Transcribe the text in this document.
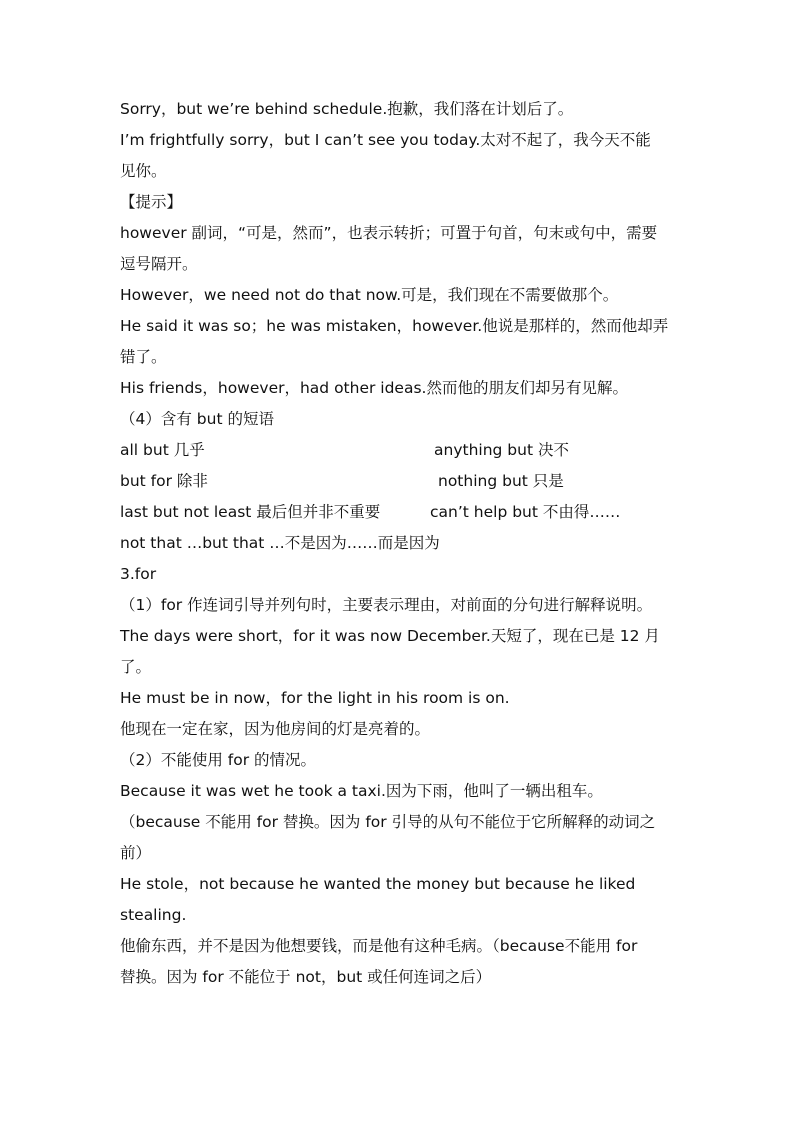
Sorry，but we’re behind schedule.抱歉，我们落在计划后了。
I’m frightfully sorry，but I can’t see you today.太对不起了，我今天不能
见你。
【提示】
however 副词，“可是，然而”，也表示转折；可置于句首，句末或句中，需要
逗号隔开。
However，we need not do that now.可是，我们现在不需要做那个。
He said it was so；he was mistaken，however.他说是那样的，然而他却弄
错了。
His friends，however，had other ideas.然而他的朋友们却另有见解。
（4）含有 but 的短语
all but 几乎	anything but 决不
but for 除非	nothing but 只是
last but not least 最后但并非不重要	can’t help but 不由得……
not that …but that …不是因为……而是因为
3.for
（1）for 作连词引导并列句时，主要表示理由，对前面的分句进行解释说明。
The days were short，for it was now December.天短了，现在已是 12 月
了。
He must be in now，for the light in his room is on.
他现在一定在家，因为他房间的灯是亮着的。
（2）不能使用 for 的情况。
Because it was wet he took a taxi.因为下雨，他叫了一辆出租车。
（because 不能用 for 替换。因为 for 引导的从句不能位于它所解释的动词之
前）
He stole，not because he wanted the money but because he liked
stealing.
他偷东西，并不是因为他想要钱，而是他有这种毛病。（because不能用 for
替换。因为 for 不能位于 not，but 或任何连词之后）
